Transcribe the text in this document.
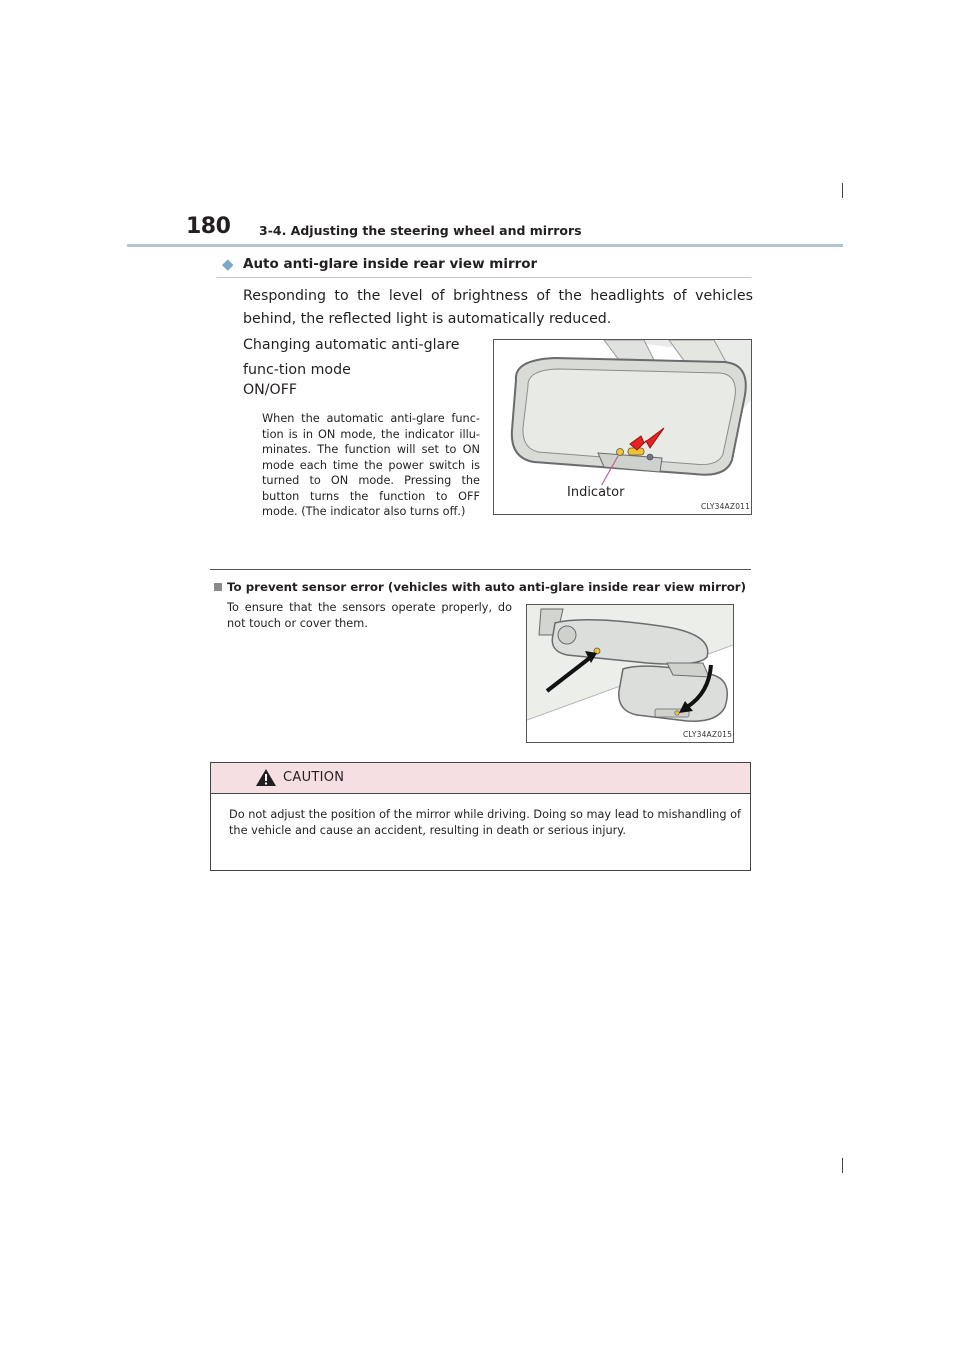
180 3-4. Adjusting the steering wheel and mirrors
◆ Auto anti-glare inside rear view mirror
Responding to the level of brightness of the headlights of vehicles behind, the reflected light is automatically reduced.
Changing automatic anti-glare func-tion mode
ON/OFF
When the automatic anti-glare func-tion is in ON mode, the indicator illu-minates. The function will set to ON mode each time the power switch is turned to ON mode. Pressing the button turns the function to OFF mode. (The indicator also turns off.)
Indicator
CLY34AZ011
To prevent sensor error (vehicles with auto anti-glare inside rear view mirror)
To ensure that the sensors operate properly, do not touch or cover them.
CLY34AZ015
CAUTION
Do not adjust the position of the mirror while driving. Doing so may lead to mishandling of the vehicle and cause an accident, resulting in death or serious injury.
